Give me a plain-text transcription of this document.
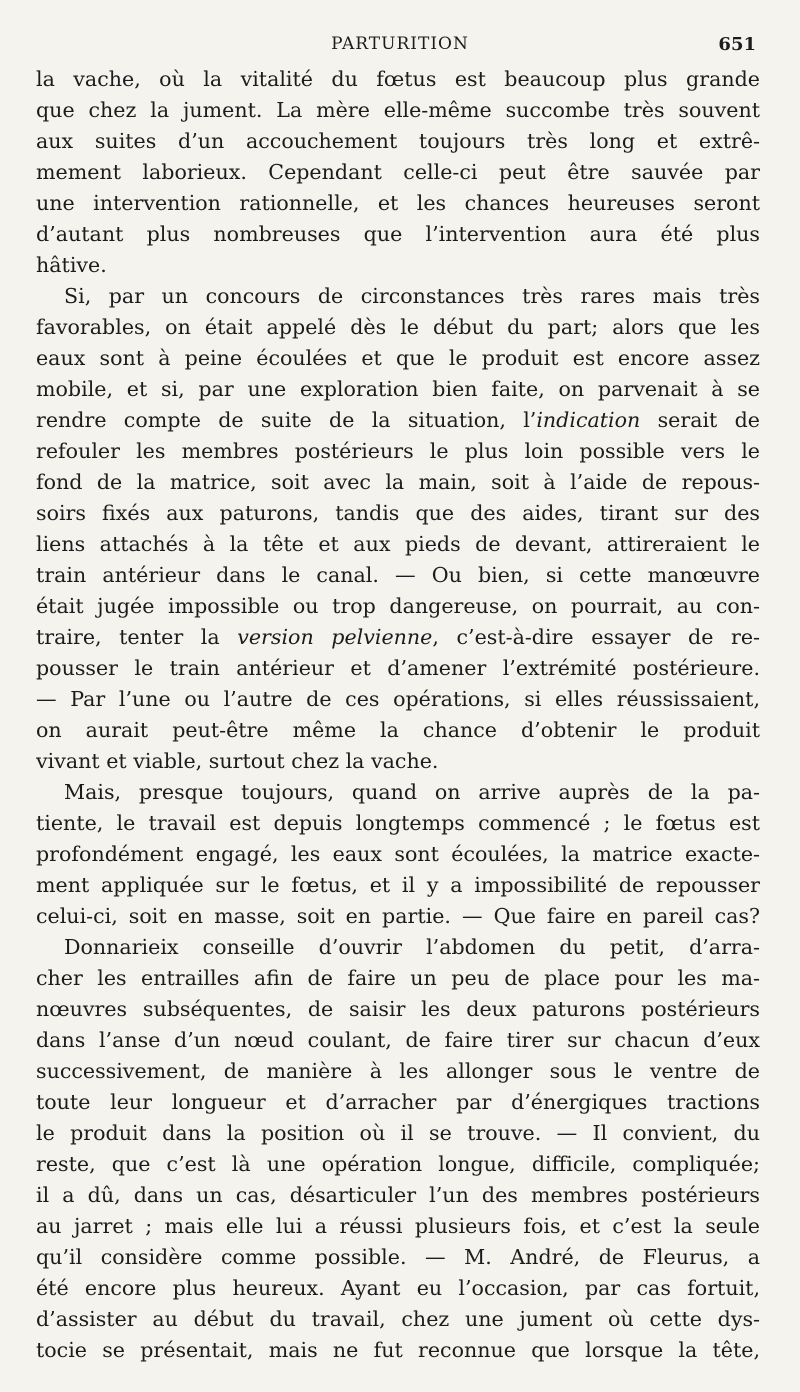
PARTURITION	651
la vache, où la vitalité du fœtus est beaucoup plus grande
que chez la jument. La mère elle-même succombe très souvent
aux suites d’un accouchement toujours très long et extrê-
mement laborieux. Cependant celle-ci peut être sauvée par
une intervention rationnelle, et les chances heureuses seront
d’autant plus nombreuses que l’intervention aura été plus
hâtive.
Si, par un concours de circonstances très rares mais très
favorables, on était appelé dès le début du part; alors que les
eaux sont à peine écoulées et que le produit est encore assez
mobile, et si, par une exploration bien faite, on parvenait à se
rendre compte de suite de la situation, l’indication serait de
refouler les membres postérieurs le plus loin possible vers le
fond de la matrice, soit avec la main, soit à l’aide de repous-
soirs fixés aux paturons, tandis que des aides, tirant sur des
liens attachés à la tête et aux pieds de devant, attireraient le
train antérieur dans le canal. — Ou bien, si cette manœuvre
était jugée impossible ou trop dangereuse, on pourrait, au con-
traire, tenter la version pelvienne, c’est-à-dire essayer de re-
pousser le train antérieur et d’amener l’extrémité postérieure.
— Par l’une ou l’autre de ces opérations, si elles réussissaient,
on aurait peut-être même la chance d’obtenir le produit
vivant et viable, surtout chez la vache.
Mais, presque toujours, quand on arrive auprès de la pa-
tiente, le travail est depuis longtemps commencé ; le fœtus est
profondément engagé, les eaux sont écoulées, la matrice exacte-
ment appliquée sur le fœtus, et il y a impossibilité de repousser
celui-ci, soit en masse, soit en partie. — Que faire en pareil cas?
Donnarieix conseille d’ouvrir l’abdomen du petit, d’arra-
cher les entrailles afin de faire un peu de place pour les ma-
nœuvres subséquentes, de saisir les deux paturons postérieurs
dans l’anse d’un nœud coulant, de faire tirer sur chacun d’eux
successivement, de manière à les allonger sous le ventre de
toute leur longueur et d’arracher par d’énergiques tractions
le produit dans la position où il se trouve. — Il convient, du
reste, que c’est là une opération longue, difficile, compliquée;
il a dû, dans un cas, désarticuler l’un des membres postérieurs
au jarret ; mais elle lui a réussi plusieurs fois, et c’est la seule
qu’il considère comme possible. — M. André, de Fleurus, a
été encore plus heureux. Ayant eu l’occasion, par cas fortuit,
d’assister au début du travail, chez une jument où cette dys-
tocie se présentait, mais ne fut reconnue que lorsque la tête,
